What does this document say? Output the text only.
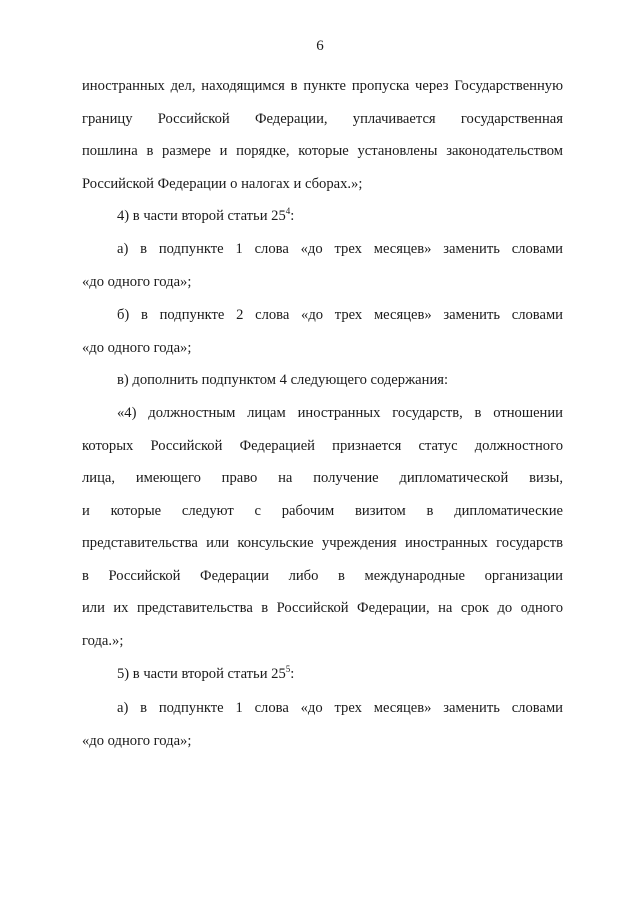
6
иностранных дел, находящимся в пункте пропуска через Государственную
границу Российской Федерации, уплачивается государственная
пошлина в размере и порядке, которые установлены законодательством
Российской Федерации о налогах и сборах.»;
4) в части второй статьи $25^4$:
а) в подпункте 1 слова «до трех месяцев» заменить словами
«до одного года»;
б) в подпункте 2 слова «до трех месяцев» заменить словами
«до одного года»;
в) дополнить подпунктом 4 следующего содержания:
«4) должностным лицам иностранных государств, в отношении
которых Российской Федерацией признается статус должностного
лица, имеющего право на получение дипломатической визы,
и которые следуют с рабочим визитом в дипломатические
представительства или консульские учреждения иностранных государств
в Российской Федерации либо в международные организации
или их представительства в Российской Федерации, на срок до одного
года.»;
5) в части второй статьи $25^5$:
а) в подпункте 1 слова «до трех месяцев» заменить словами
«до одного года»;
